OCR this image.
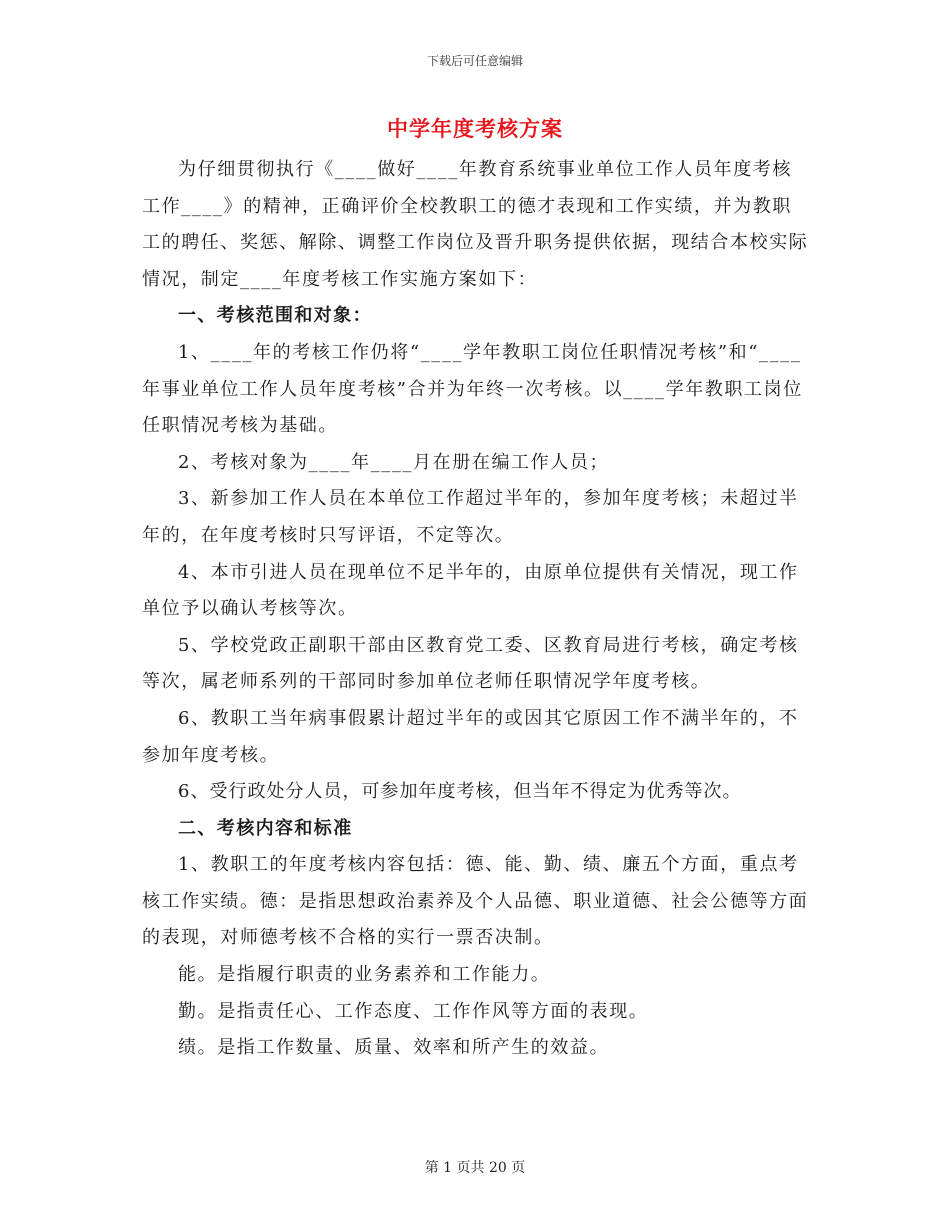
下载后可任意编辑
中学年度考核方案

为仔细贯彻执行《____做好____年教育系统事业单位工作人员年度考核工作____》的精神，正确评价全校教职工的德才表现和工作实绩，并为教职工的聘任、奖惩、解除、调整工作岗位及晋升职务提供依据，现结合本校实际情况，制定____年度考核工作实施方案如下：

一、考核范围和对象：

1、____年的考核工作仍将“____学年教职工岗位任职情况考核”和“____年事业单位工作人员年度考核”合并为年终一次考核。以____学年教职工岗位任职情况考核为基础。

2、考核对象为____年____月在册在编工作人员；

3、新参加工作人员在本单位工作超过半年的，参加年度考核；未超过半年的，在年度考核时只写评语，不定等次。

4、本市引进人员在现单位不足半年的，由原单位提供有关情况，现工作单位予以确认考核等次。

5、学校党政正副职干部由区教育党工委、区教育局进行考核，确定考核等次，属老师系列的干部同时参加单位老师任职情况学年度考核。

6、教职工当年病事假累计超过半年的或因其它原因工作不满半年的，不参加年度考核。

6、受行政处分人员，可参加年度考核，但当年不得定为优秀等次。

二、考核内容和标准

1、教职工的年度考核内容包括：德、能、勤、绩、廉五个方面，重点考核工作实绩。德：是指思想政治素养及个人品德、职业道德、社会公德等方面的表现，对师德考核不合格的实行一票否决制。

能。是指履行职责的业务素养和工作能力。

勤。是指责任心、工作态度、工作作风等方面的表现。

绩。是指工作数量、质量、效率和所产生的效益。

第 1 页共 20 页
